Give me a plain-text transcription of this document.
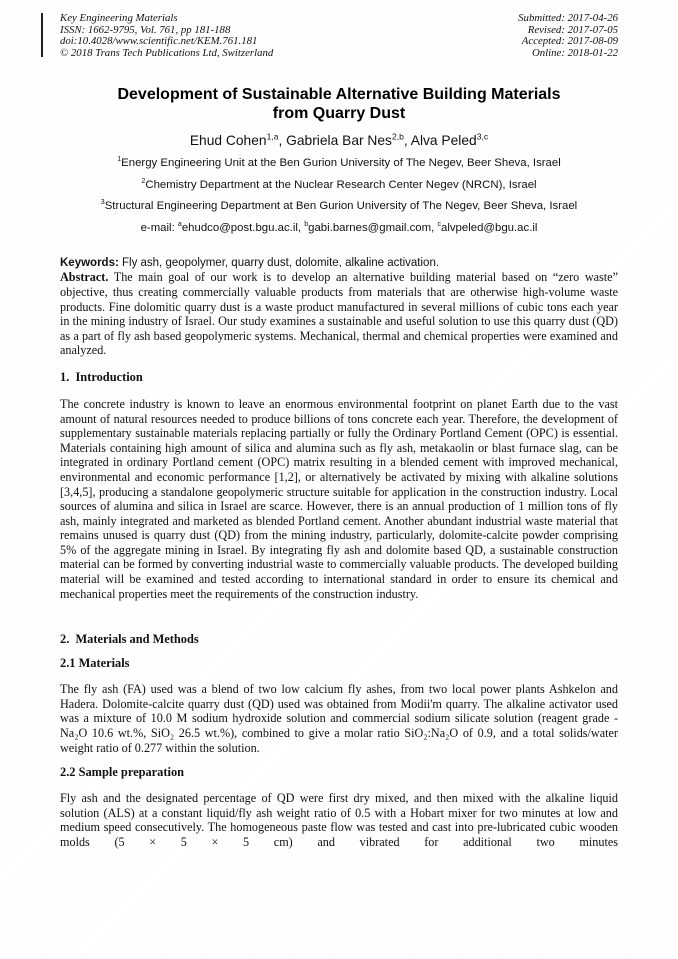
Key Engineering Materials
ISSN: 1662-9795, Vol. 761, pp 181-188
doi:10.4028/www.scientific.net/KEM.761.181
© 2018 Trans Tech Publications Ltd, Switzerland
Submitted: 2017-04-26
Revised: 2017-07-05
Accepted: 2017-08-09
Online: 2018-01-22
Development of Sustainable Alternative Building Materials
from Quarry Dust
Ehud Cohen$^{1,a}$, Gabriela Bar Nes$^{2,b}$, Alva Peled$^{3,c}$
$^1$Energy Engineering Unit at the Ben Gurion University of The Negev, Beer Sheva, Israel
$^2$Chemistry Department at the Nuclear Research Center Negev (NRCN), Israel
$^3$Structural Engineering Department at Ben Gurion University of The Negev, Beer Sheva, Israel
e-mail: $^a$ehudco@post.bgu.ac.il, $^b$gabi.barnes@gmail.com, $^c$alvpeled@bgu.ac.il
Keywords: Fly ash, geopolymer, quarry dust, dolomite, alkaline activation.

Abstract. The main goal of our work is to develop an alternative building material based on “zero waste” objective, thus creating commercially valuable products from materials that are otherwise high-volume waste products. Fine dolomitic quarry dust is a waste product manufactured in several millions of cubic tons each year in the mining industry of Israel. Our study examines a sustainable and useful solution to use this quarry dust (QD) as a part of fly ash based geopolymeric systems. Mechanical, thermal and chemical properties were examined and analyzed.

1.  Introduction

The concrete industry is known to leave an enormous environmental footprint on planet Earth due to the vast amount of natural resources needed to produce billions of tons concrete each year. Therefore, the development of supplementary sustainable materials replacing partially or fully the Ordinary Portland Cement (OPC) is essential. Materials containing high amount of silica and alumina such as fly ash, metakaolin or blast furnace slag, can be integrated in ordinary Portland cement (OPC) matrix resulting in a blended cement with improved mechanical, environmental and economic performance [1,2], or alternatively be activated by mixing with alkaline solutions [3,4,5], producing a standalone geopolymeric structure suitable for application in the construction industry. Local sources of alumina and silica in Israel are scarce. However, there is an annual production of 1 million tons of fly ash, mainly integrated and marketed as blended Portland cement. Another abundant industrial waste material that remains unused is quarry dust (QD) from the mining industry, particularly, dolomite-calcite powder comprising 5% of the aggregate mining in Israel. By integrating fly ash and dolomite based QD, a sustainable construction material can be formed by converting industrial waste to commercially valuable products. The developed building material will be examined and tested according to international standard in order to ensure its chemical and mechanical properties meet the requirements of the construction industry.

2.  Materials and Methods
2.1 Materials

The fly ash (FA) used was a blend of two low calcium fly ashes, from two local power plants Ashkelon and Hadera. Dolomite-calcite quarry dust (QD) used was obtained from Modii'm quarry. The alkaline activator used was a mixture of 10.0 M sodium hydroxide solution and commercial sodium silicate solution (reagent grade - Na₂O 10.6 wt.%, SiO₂ 26.5 wt.%), combined to give a molar ratio SiO₂:Na₂O of 0.9, and a total solids/water weight ratio of 0.277 within the solution.

2.2 Sample preparation

Fly ash and the designated percentage of QD were first dry mixed, and then mixed with the alkaline liquid solution (ALS) at a constant liquid/fly ash weight ratio of 0.5 with a Hobart mixer for two minutes at low and medium speed consecutively. The homogeneous paste flow was tested and cast into pre-lubricated cubic wooden molds (5 × 5 × 5 cm) and vibrated for additional two minutes
